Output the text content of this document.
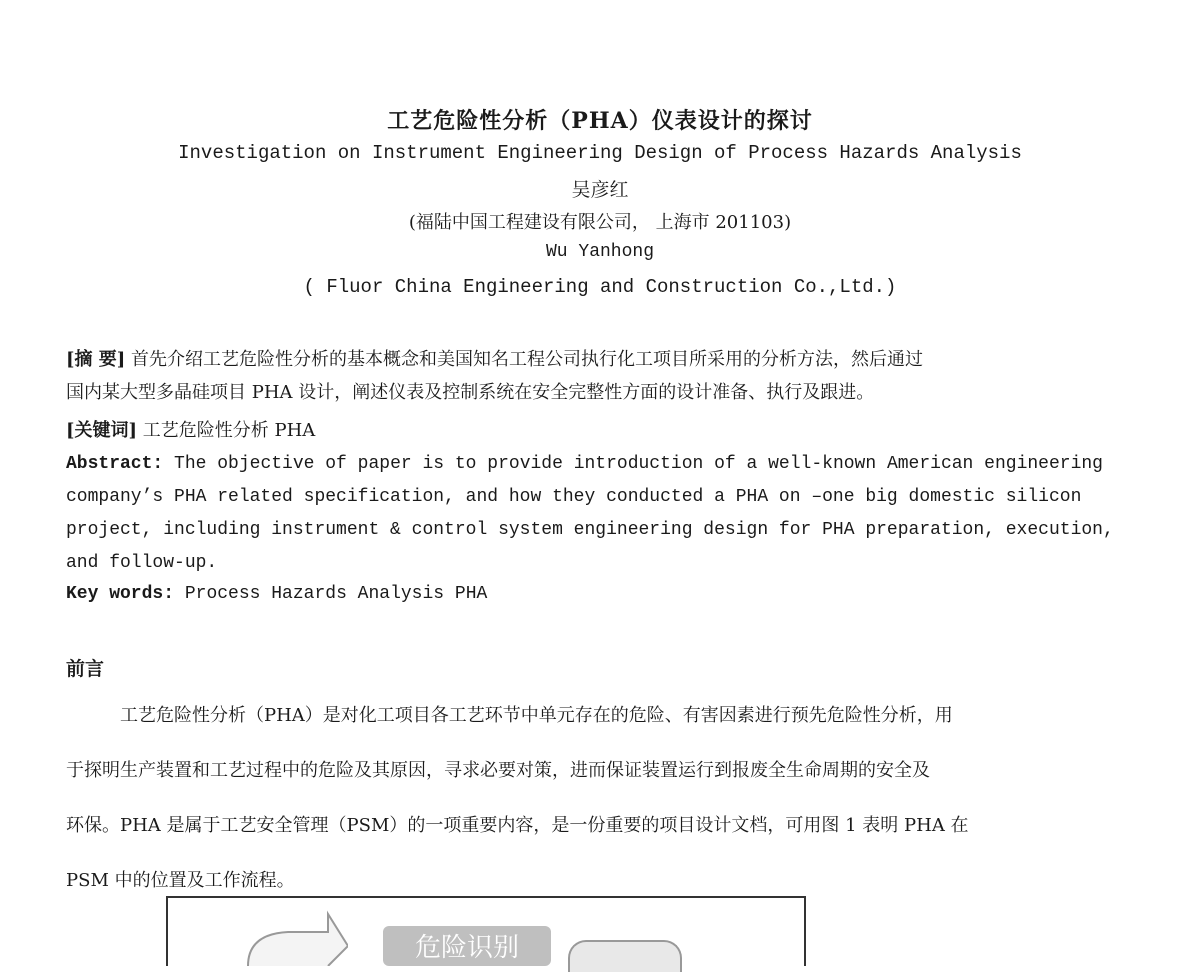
工艺危险性分析（PHA）仪表设计的探讨
Investigation on Instrument Engineering Design of Process Hazards Analysis
吴彦红
(福陆中国工程建设有限公司， 上海市 201103)
Wu Yanhong
( Fluor China Engineering and Construction Co.,Ltd.)
[摘 要] 首先介绍工艺危险性分析的基本概念和美国知名工程公司执行化工项目所采用的分析方法，然后通过
国内某大型多晶硅项目 PHA 设计，阐述仪表及控制系统在安全完整性方面的设计准备、执行及跟进。
[关键词] 工艺危险性分析 PHA
Abstract: The objective of paper is to provide introduction of a well-known American engineering
company’s PHA related specification, and how they conducted a PHA on –one big domestic silicon
project, including instrument & control system engineering design for PHA preparation, execution,
and follow-up.
Key words: Process Hazards Analysis PHA
前言
工艺危险性分析（PHA）是对化工项目各工艺环节中单元存在的危险、有害因素进行预先危险性分析，用
于探明生产装置和工艺过程中的危险及其原因，寻求必要对策，进而保证装置运行到报废全生命周期的安全及
环保。PHA 是属于工艺安全管理（PSM）的一项重要内容，是一份重要的项目设计文档，可用图 1 表明 PHA 在
PSM 中的位置及工作流程。
危险识别
